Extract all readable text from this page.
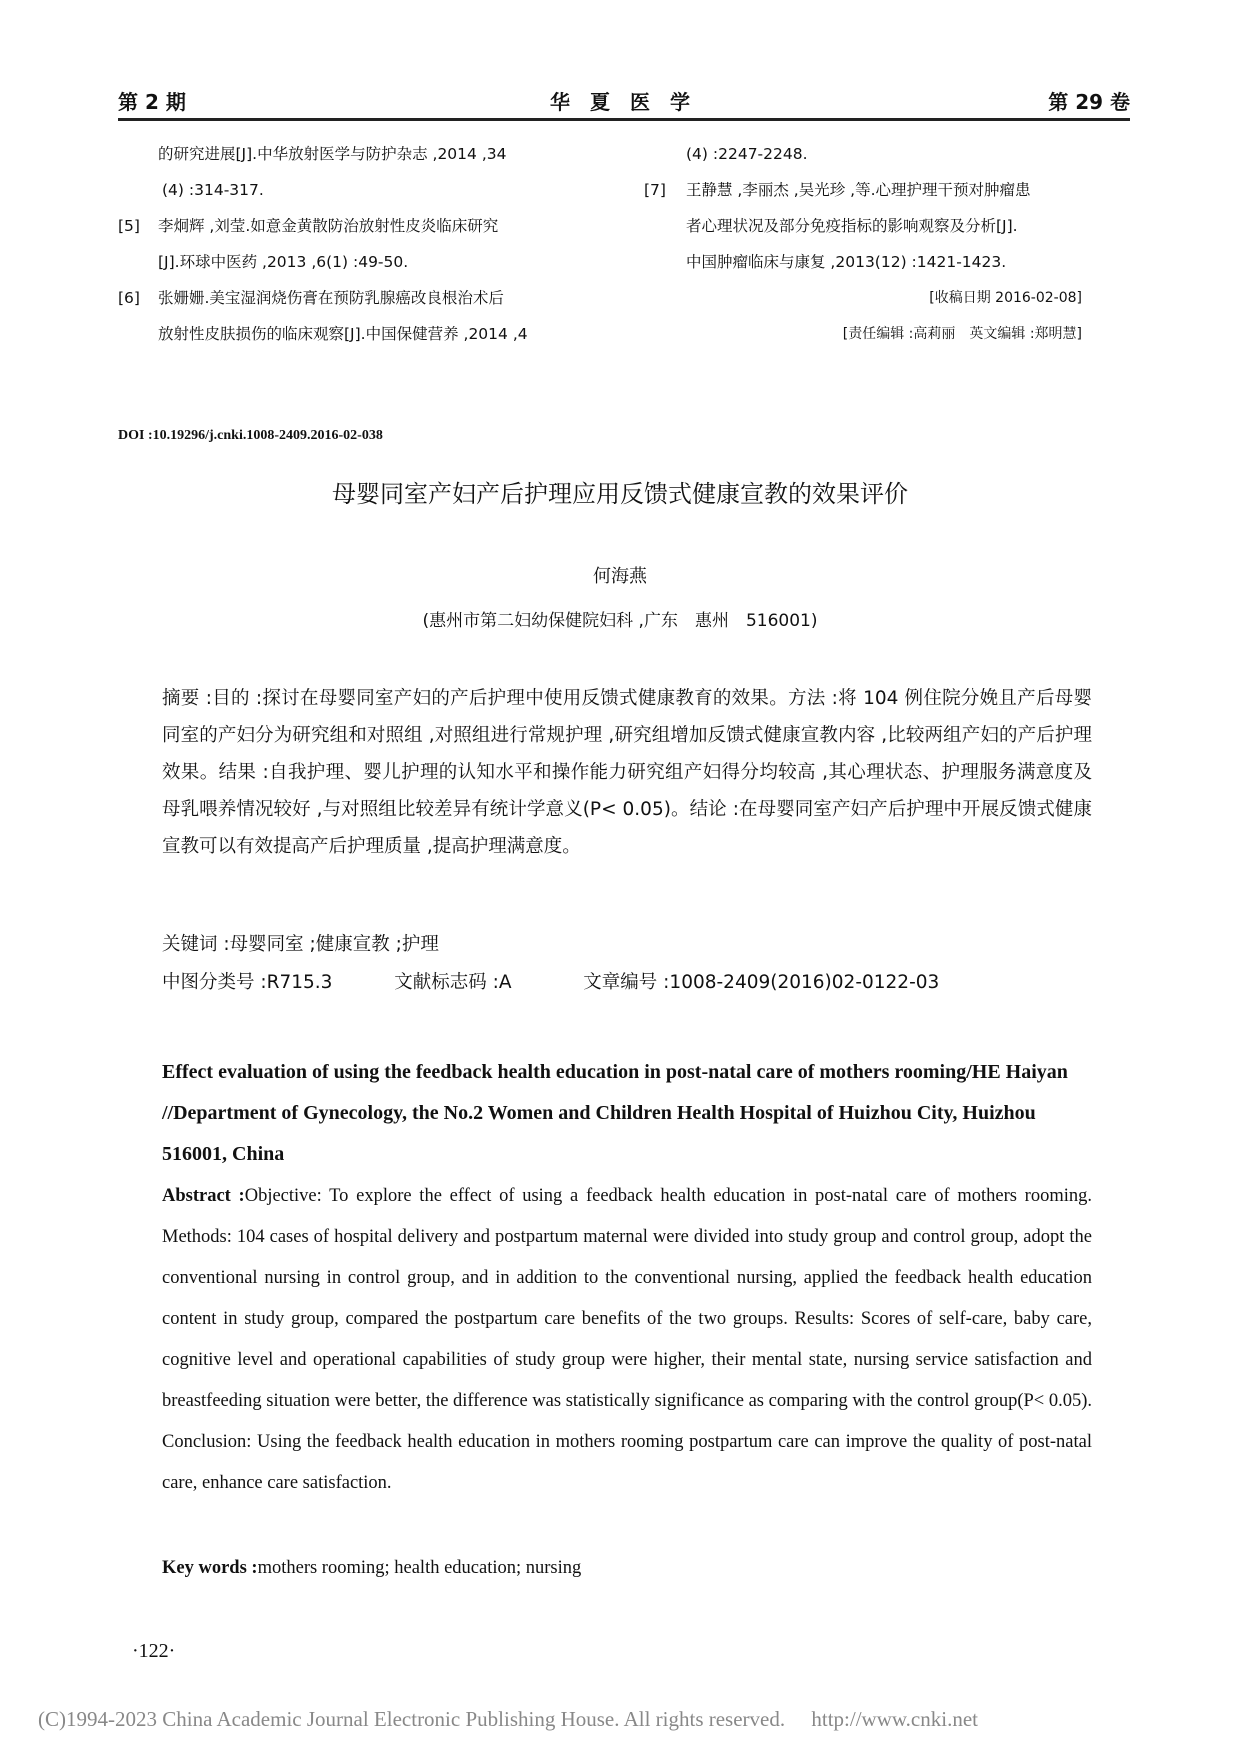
第 2 期	华　夏　医　学	第 29 卷
的研究进展[J].中华放射医学与防护杂志 ,2014 ,34
(4) :314-317.
[5] 李炯辉 ,刘莹.如意金黄散防治放射性皮炎临床研究
[J].环球中医药 ,2013 ,6(1) :49-50.
[6] 张姗姗.美宝湿润烧伤膏在预防乳腺癌改良根治术后
放射性皮肤损伤的临床观察[J].中国保健营养 ,2014 ,4
(4) :2247-2248.
[7] 王静慧 ,李丽杰 ,吴光珍 ,等.心理护理干预对肿瘤患
者心理状况及部分免疫指标的影响观察及分析[J].
中国肿瘤临床与康复 ,2013(12) :1421-1423.
[收稿日期 2016-02-08]
[责任编辑 :高莉丽　英文编辑 :郑明慧]
DOI :10.19296/j.cnki.1008-2409.2016-02-038
母婴同室产妇产后护理应用反馈式健康宣教的效果评价
何海燕
(惠州市第二妇幼保健院妇科 ,广东　惠州　516001)
摘要 :目的 :探讨在母婴同室产妇的产后护理中使用反馈式健康教育的效果。方法 :将 104 例住院分娩且产后母婴同室的产妇分为研究组和对照组 ,对照组进行常规护理 ,研究组增加反馈式健康宣教内容 ,比较两组产妇的产后护理效果。结果 :自我护理、婴儿护理的认知水平和操作能力研究组产妇得分均较高 ,其心理状态、护理服务满意度及母乳喂养情况较好 ,与对照组比较差异有统计学意义(P< 0.05)。结论 :在母婴同室产妇产后护理中开展反馈式健康宣教可以有效提高产后护理质量 ,提高护理满意度。
关键词 :母婴同室 ;健康宣教 ;护理
中图分类号 :R715.3	文献标志码 :A	文章编号 :1008-2409(2016)02-0122-03
Effect evaluation of using the feedback health education in post-natal care of mothers rooming/HE Haiyan //Department of Gynecology, the No.2 Women and Children Health Hospital of Huizhou City, Huizhou 516001, China
Abstract :Objective: To explore the effect of using a feedback health education in post-natal care of mothers rooming. Methods: 104 cases of hospital delivery and postpartum maternal were divided into study group and control group, adopt the conventional nursing in control group, and in addition to the conventional nursing, applied the feedback health education content in study group, compared the postpartum care benefits of the two groups. Results: Scores of self-care, baby care, cognitive level and operational capabilities of study group were higher, their mental state, nursing service satisfaction and breastfeeding situation were better, the difference was statistically significance as comparing with the control group(P< 0.05). Conclusion: Using the feedback health education in mothers rooming postpartum care can improve the quality of post-natal care, enhance care satisfaction.
Key words :mothers rooming; health education; nursing
·122·
(C)1994-2023 China Academic Journal Electronic Publishing House. All rights reserved.　 http://www.cnki.net
